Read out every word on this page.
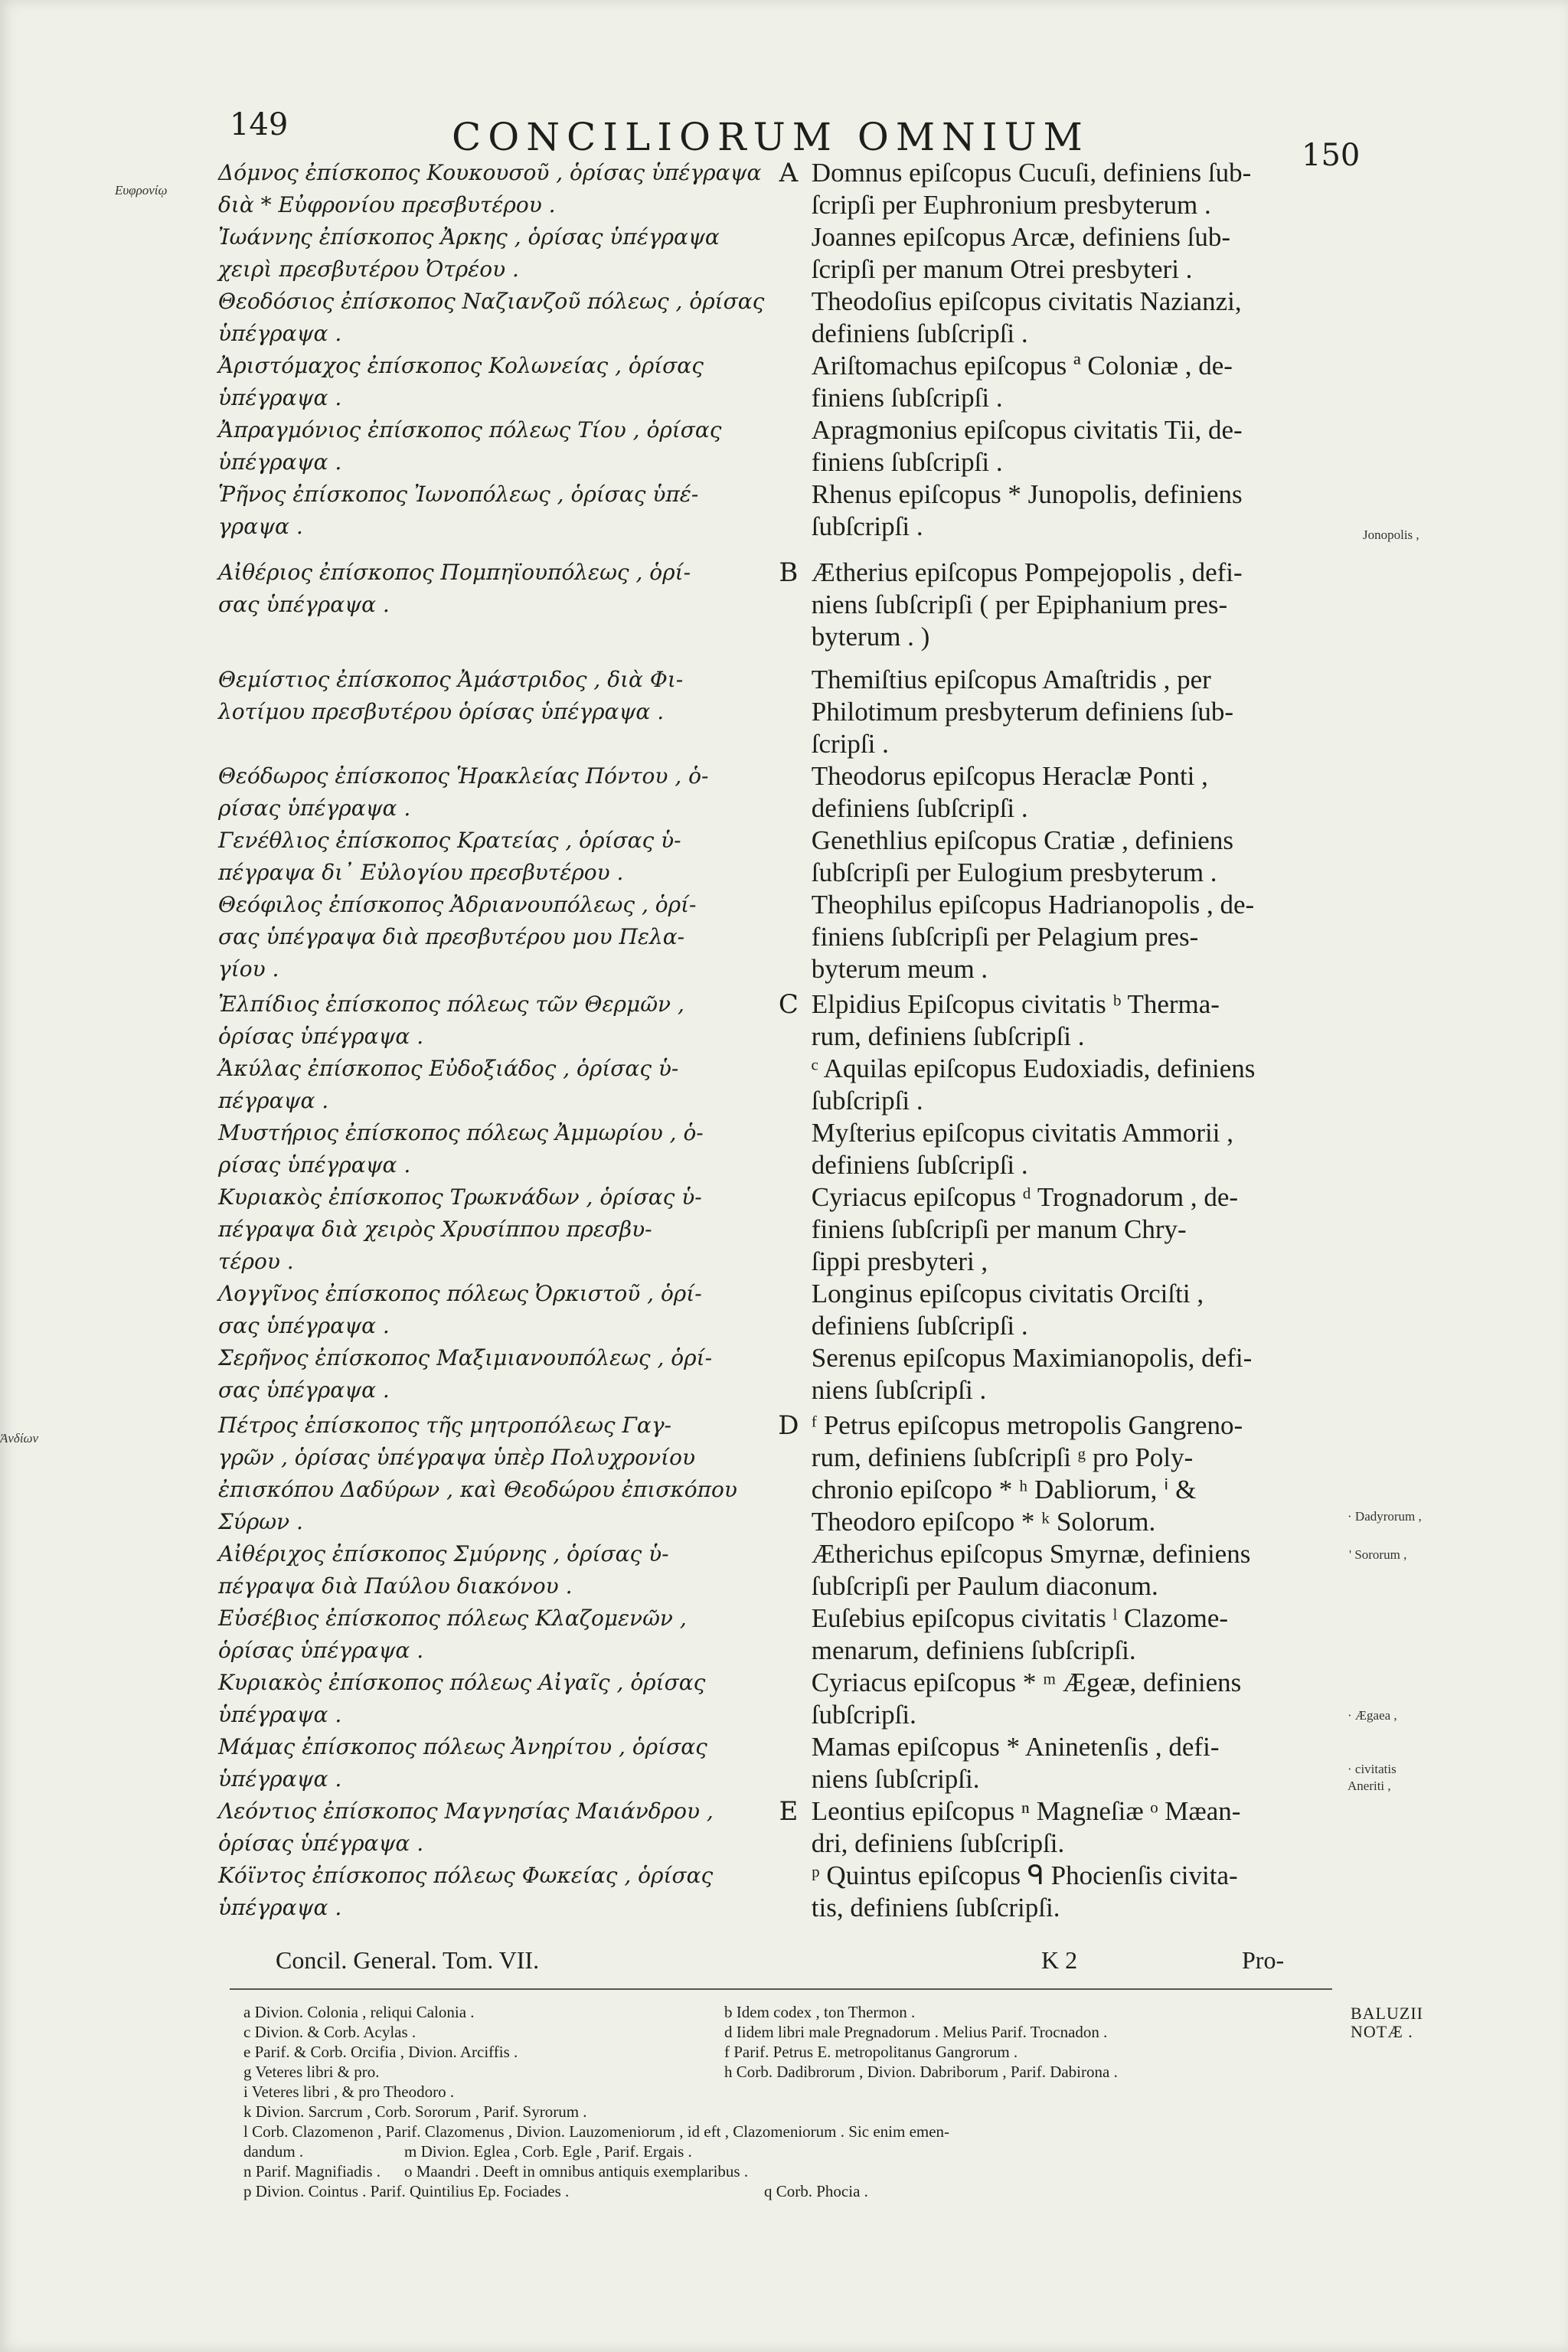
149	CONCILIORUM OMNIUM	150
Ευφρονίῳ
Ἀνδίων
Δόμνος ἐπίσκοπος Κουκουσοῦ , ὁρίσας ὑπέγραψα
διὰ * Εὐφρονίου πρεσβυτέρου .
A Domnus epiſcopus Cucuſi, definiens ſub-
ſcripſi per Euphronium presbyterum .
Ἰωάννης ἐπίσκοπος Ἀρκης , ὁρίσας ὑπέγραψα
χειρὶ πρεσβυτέρου Ὀτρέου .
Joannes epiſcopus Arcæ, definiens ſub-
ſcripſi per manum Otrei presbyteri .
Θεοδόσιος ἐπίσκοπος Ναζιανζοῦ πόλεως , ὁρίσας
ὑπέγραψα .
Theodoſius epiſcopus civitatis Nazianzi,
definiens ſubſcripſi .
Ἀριστόμαχος ἐπίσκοπος Κολωνείας , ὁρίσας
ὑπέγραψα .
Ariſtomachus epiſcopus ª Coloniæ , de-
finiens ſubſcripſi .
Ἀπραγμόνιος ἐπίσκοπος πόλεως Τίου , ὁρίσας
ὑπέγραψα .
Apragmonius epiſcopus civitatis Tii, de-
finiens ſubſcripſi .
Ῥῆνος ἐπίσκοπος Ἰωνοπόλεως , ὁρίσας ὑπέ-
γραψα .
Rhenus epiſcopus * Junopolis, definiens
ſubſcripſi .
Αἰθέριος ἐπίσκοπος Πομπηϊουπόλεως , ὁρί-
σας ὑπέγραψα .
B Ætherius epiſcopus Pompejopolis , defi-
niens ſubſcripſi ( per Epiphanium pres-
byterum . )
Θεμίστιος ἐπίσκοπος Ἀμάστριδος , διὰ Φι-
λοτίμου πρεσβυτέρου ὁρίσας ὑπέγραψα .
Themiſtius epiſcopus Amaſtridis , per
Philotimum presbyterum definiens ſub-
ſcripſi .
Θεόδωρος ἐπίσκοπος Ἡρακλείας Πόντου , ὁ-
ρίσας ὑπέγραψα .
Theodorus epiſcopus Heraclæ Ponti ,
definiens ſubſcripſi .
Γενέθλιος ἐπίσκοπος Κρατείας , ὁρίσας ὑ-
πέγραψα δι᾽ Εὐλογίου πρεσβυτέρου .
Genethlius epiſcopus Cratiæ , definiens
ſubſcripſi per Eulogium presbyterum .
Θεόφιλος ἐπίσκοπος Ἀδριανουπόλεως , ὁρί-
σας ὑπέγραψα διὰ πρεσβυτέρου μου Πελα-
γίου .
Theophilus epiſcopus Hadrianopolis , de-
finiens ſubſcripſi per Pelagium pres-
byterum meum .
Ἐλπίδιος ἐπίσκοπος πόλεως τῶν Θερμῶν ,
ὁρίσας ὑπέγραψα .
C Elpidius Epiſcopus civitatis ᵇ Therma-
rum, definiens ſubſcripſi .
Ἀκύλας ἐπίσκοπος Εὐδοξιάδος , ὁρίσας ὑ-
πέγραψα .
ᶜ Aquilas epiſcopus Eudoxiadis, definiens
ſubſcripſi .
Μυστήριος ἐπίσκοπος πόλεως Ἀμμωρίου , ὁ-
ρίσας ὑπέγραψα .
Myſterius epiſcopus civitatis Ammorii ,
definiens ſubſcripſi .
Κυριακὸς ἐπίσκοπος Τρωκνάδων , ὁρίσας ὑ-
πέγραψα διὰ χειρὸς Χρυσίππου πρεσβυ-
τέρου .
Cyriacus epiſcopus ᵈ Trognadorum , de-
finiens ſubſcripſi per manum Chry-
ſippi presbyteri ,
Λογγῖνος ἐπίσκοπος πόλεως Ὀρκιστοῦ , ὁρί-
σας ὑπέγραψα .
Longinus epiſcopus civitatis Orciſti ,
definiens ſubſcripſi .
Σερῆνος ἐπίσκοπος Μαξιμιανουπόλεως , ὁρί-
σας ὑπέγραψα .
Serenus epiſcopus Maximianopolis, defi-
niens ſubſcripſi .
Πέτρος ἐπίσκοπος τῆς μητροπόλεως Γαγ-
γρῶν , ὁρίσας ὑπέγραψα ὑπὲρ Πολυχρονίου
ἐπισκόπου Δαδύρων , καὶ Θεοδώρου ἐπισκόπου
Σύρων .
D ᶠ Petrus epiſcopus metropolis Gangreno-
rum, definiens ſubſcripſi ᵍ pro Poly-
chronio epiſcopo * ʰ Dabliorum, ⁱ &
Theodoro epiſcopo * ᵏ Solorum.
Αἰθέριχος ἐπίσκοπος Σμύρνης , ὁρίσας ὑ-
πέγραψα διὰ Παύλου διακόνου .
Ætherichus epiſcopus Smyrnæ, definiens
ſubſcripſi per Paulum diaconum.
Εὐσέβιος ἐπίσκοπος πόλεως Κλαζομενῶν ,
ὁρίσας ὑπέγραψα .
Euſebius epiſcopus civitatis ˡ Clazome-
menarum, definiens ſubſcripſi.
Κυριακὸς ἐπίσκοπος πόλεως Αἰγαῖς , ὁρίσας
ὑπέγραψα .
Cyriacus epiſcopus * ᵐ Ægeæ, definiens
ſubſcripſi.
Μάμας ἐπίσκοπος πόλεως Ἀνηρίτου , ὁρίσας
ὑπέγραψα .
Mamas epiſcopus * Aninetenſis , defi-
niens ſubſcripſi.
Λεόντιος ἐπίσκοπος Μαγνησίας Μαιάνδρου ,
ὁρίσας ὑπέγραψα .
E Leontius epiſcopus ⁿ Magneſiæ ᵒ Mæan-
dri, definiens ſubſcripſi.
Κόϊντος ἐπίσκοπος πόλεως Φωκείας , ὁρίσας
ὑπέγραψα .
ᵖ Quintus epiſcopus ᑫ Phocienſis civita-
tis, definiens ſubſcripſi.
Jonopolis ,
· Dadyrorum ,
' Sororum ,
· Ægaea ,
· civitatis
Aneriti ,
Concil. General. Tom. VII.	K 2	Pro-
a Divion. Colonia , reliqui Calonia .	b Idem codex , ton Thermon .
c Divion. & Corb. Acylas .	d Iidem libri male Pregnadorum . Melius Parif. Trocnadon .
e Parif. & Corb. Orcifia , Divion. Arciffis .	f Parif. Petrus E. metropolitanus Gangrorum .
g Veteres libri & pro.	h Corb. Dadibrorum , Divion. Dabriborum , Parif. Dabirona .
i Veteres libri , & pro Theodoro .
k Divion. Sarcrum , Corb. Sororum , Parif. Syrorum .
l Corb. Clazomenon , Parif. Clazomenus , Divion. Lauzomeniorum , id eft , Clazomeniorum . Sic enim emen-
dandum .	m Divion. Eglea , Corb. Egle , Parif. Ergais .
n Parif. Magnifiadis . o Maandri . Deeft in omnibus antiquis exemplaribus .
p Divion. Cointus . Parif. Quintilius Ep. Fociades .	q Corb. Phocia .
BALUZII
NOTÆ .
